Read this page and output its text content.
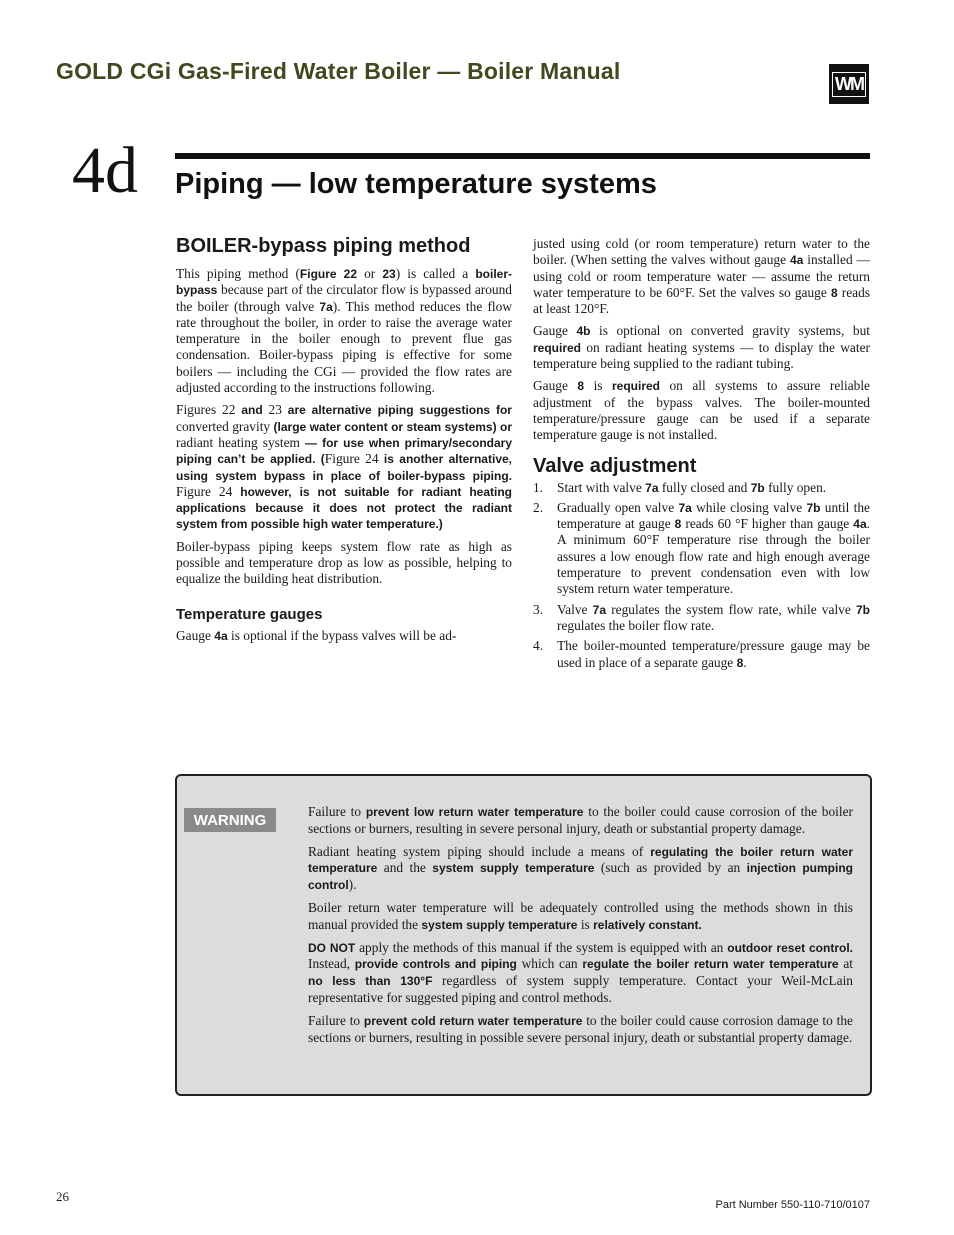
GOLD CGi Gas-Fired Water Boiler — Boiler Manual	WM
4d Piping — low temperature systems
BOILER-bypass piping method

This piping method (Figure 22 or 23) is called a boiler-bypass because part of the circulator flow is bypassed around the boiler (through valve 7a). This method reduces the flow rate throughout the boiler, in order to raise the average water temperature in the boiler enough to prevent flue gas condensation. Boiler-bypass piping is effective for some boilers — including the CGi — provided the flow rates are adjusted according to the instructions following.

Figures 22 and 23 are alternative piping suggestions for converted gravity (large water content or steam systems) or radiant heating system — for use when primary/secondary piping can’t be applied. (Figure 24 is another alternative, using system bypass in place of boiler-bypass piping. Figure 24 however, is not suitable for radiant heating applications because it does not protect the radiant system from possible high water temperature.)

Boiler-bypass piping keeps system flow rate as high as possible and temperature drop as low as possible, helping to equalize the building heat distribution.

Temperature gauges

Gauge 4a is optional if the bypass valves will be ad-

justed using cold (or room temperature) return water to the boiler. (When setting the valves without gauge 4a installed — using cold or room temperature water — assume the return water temperature to be 60°F. Set the valves so gauge 8 reads at least 120°F.

Gauge 4b is optional on converted gravity systems, but required on radiant heating systems — to display the water temperature being supplied to the radiant tubing.

Gauge 8 is required on all systems to assure reliable adjustment of the bypass valves. The boiler-mounted temperature/pressure gauge can be used if a separate temperature gauge is not installed.

Valve adjustment
1. Start with valve 7a fully closed and 7b fully open.
2. Gradually open valve 7a while closing valve 7b until the temperature at gauge 8 reads 60 °F higher than gauge 4a. A minimum 60°F temperature rise through the boiler assures a low enough flow rate and high enough average temperature to prevent condensation even with low system return water temperature.
3. Valve 7a regulates the system flow rate, while valve 7b regulates the boiler flow rate.
4. The boiler-mounted temperature/pressure gauge may be used in place of a separate gauge 8.
WARNING	Failure to prevent low return water temperature to the boiler could cause corrosion of the boiler sections or burners, resulting in severe personal injury, death or substantial property damage.

Radiant heating system piping should include a means of regulating the boiler return water temperature and the system supply temperature (such as provided by an injection pumping control).

Boiler return water temperature will be adequately controlled using the methods shown in this manual provided the system supply temperature is relatively constant.

DO NOT apply the methods of this manual if the system is equipped with an outdoor reset control. Instead, provide controls and piping which can regulate the boiler return water temperature at no less than 130°F regardless of system supply temperature. Contact your Weil-McLain representative for suggested piping and control methods.

Failure to prevent cold return water temperature to the boiler could cause corrosion damage to the sections or burners, resulting in possible severe personal injury, death or substantial property damage.

26
Part Number 550-110-710/0107
